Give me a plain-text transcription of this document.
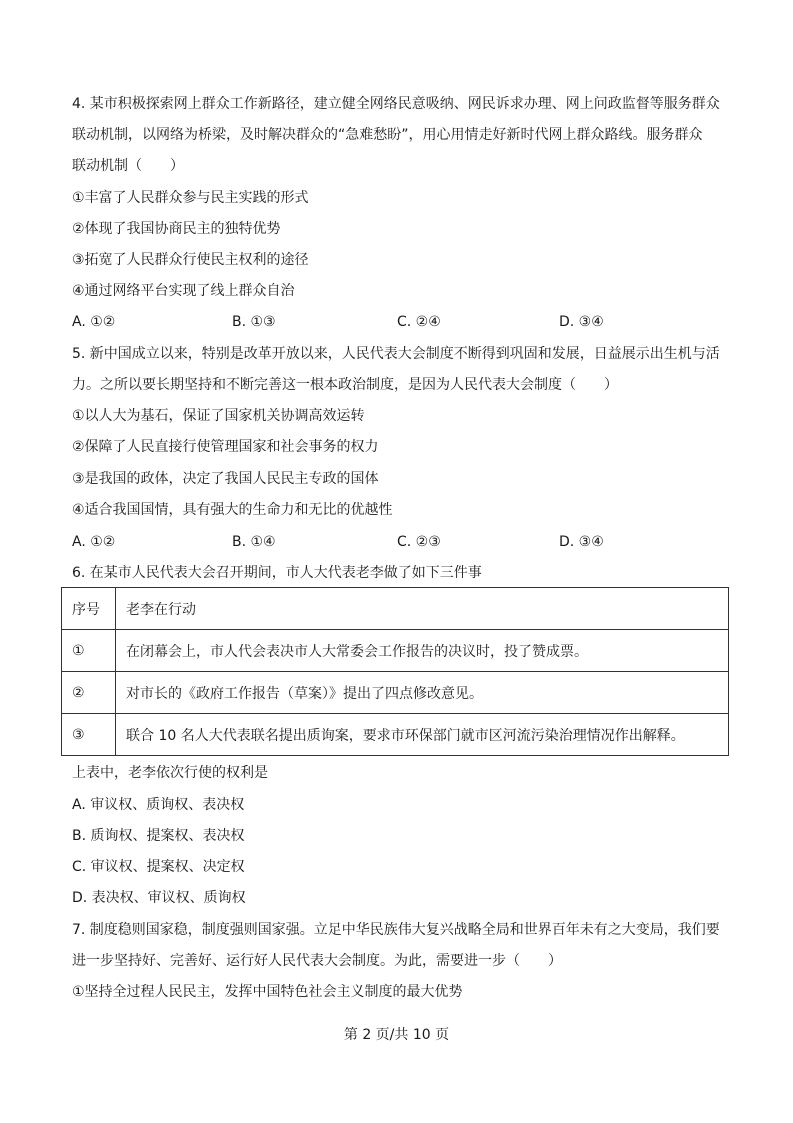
4. 某市积极探索网上群众工作新路径，建立健全网络民意吸纳、网民诉求办理、网上问政监督等服务群众
联动机制，以网络为桥梁，及时解决群众的“急难愁盼”，用心用情走好新时代网上群众路线。服务群众
联动机制（　　）
①丰富了人民群众参与民主实践的形式
②体现了我国协商民主的独特优势
③拓宽了人民群众行使民主权利的途径
④通过网络平台实现了线上群众自治
A. ①②	B. ①③	C. ②④	D. ③④
5. 新中国成立以来，特别是改革开放以来，人民代表大会制度不断得到巩固和发展，日益展示出生机与活
力。之所以要长期坚持和不断完善这一根本政治制度，是因为人民代表大会制度（　　）
①以人大为基石，保证了国家机关协调高效运转
②保障了人民直接行使管理国家和社会事务的权力
③是我国的政体，决定了我国人民民主专政的国体
④适合我国国情，具有强大的生命力和无比的优越性
A. ①②	B. ①④	C. ②③	D. ③④
6. 在某市人民代表大会召开期间，市人大代表老李做了如下三件事
序号	老李在行动
①	在闭幕会上，市人代会表决市人大常委会工作报告的决议时，投了赞成票。
②	对市长的《政府工作报告（草案）》提出了四点修改意见。
③	联合 10 名人大代表联名提出质询案，要求市环保部门就市区河流污染治理情况作出解释。
上表中，老李依次行使的权利是
A. 审议权、质询权、表决权
B. 质询权、提案权、表决权
C. 审议权、提案权、决定权
D. 表决权、审议权、质询权
7. 制度稳则国家稳，制度强则国家强。立足中华民族伟大复兴战略全局和世界百年未有之大变局，我们要
进一步坚持好、完善好、运行好人民代表大会制度。为此，需要进一步（　　）
①坚持全过程人民民主，发挥中国特色社会主义制度的最大优势
第 2 页/共 10 页
